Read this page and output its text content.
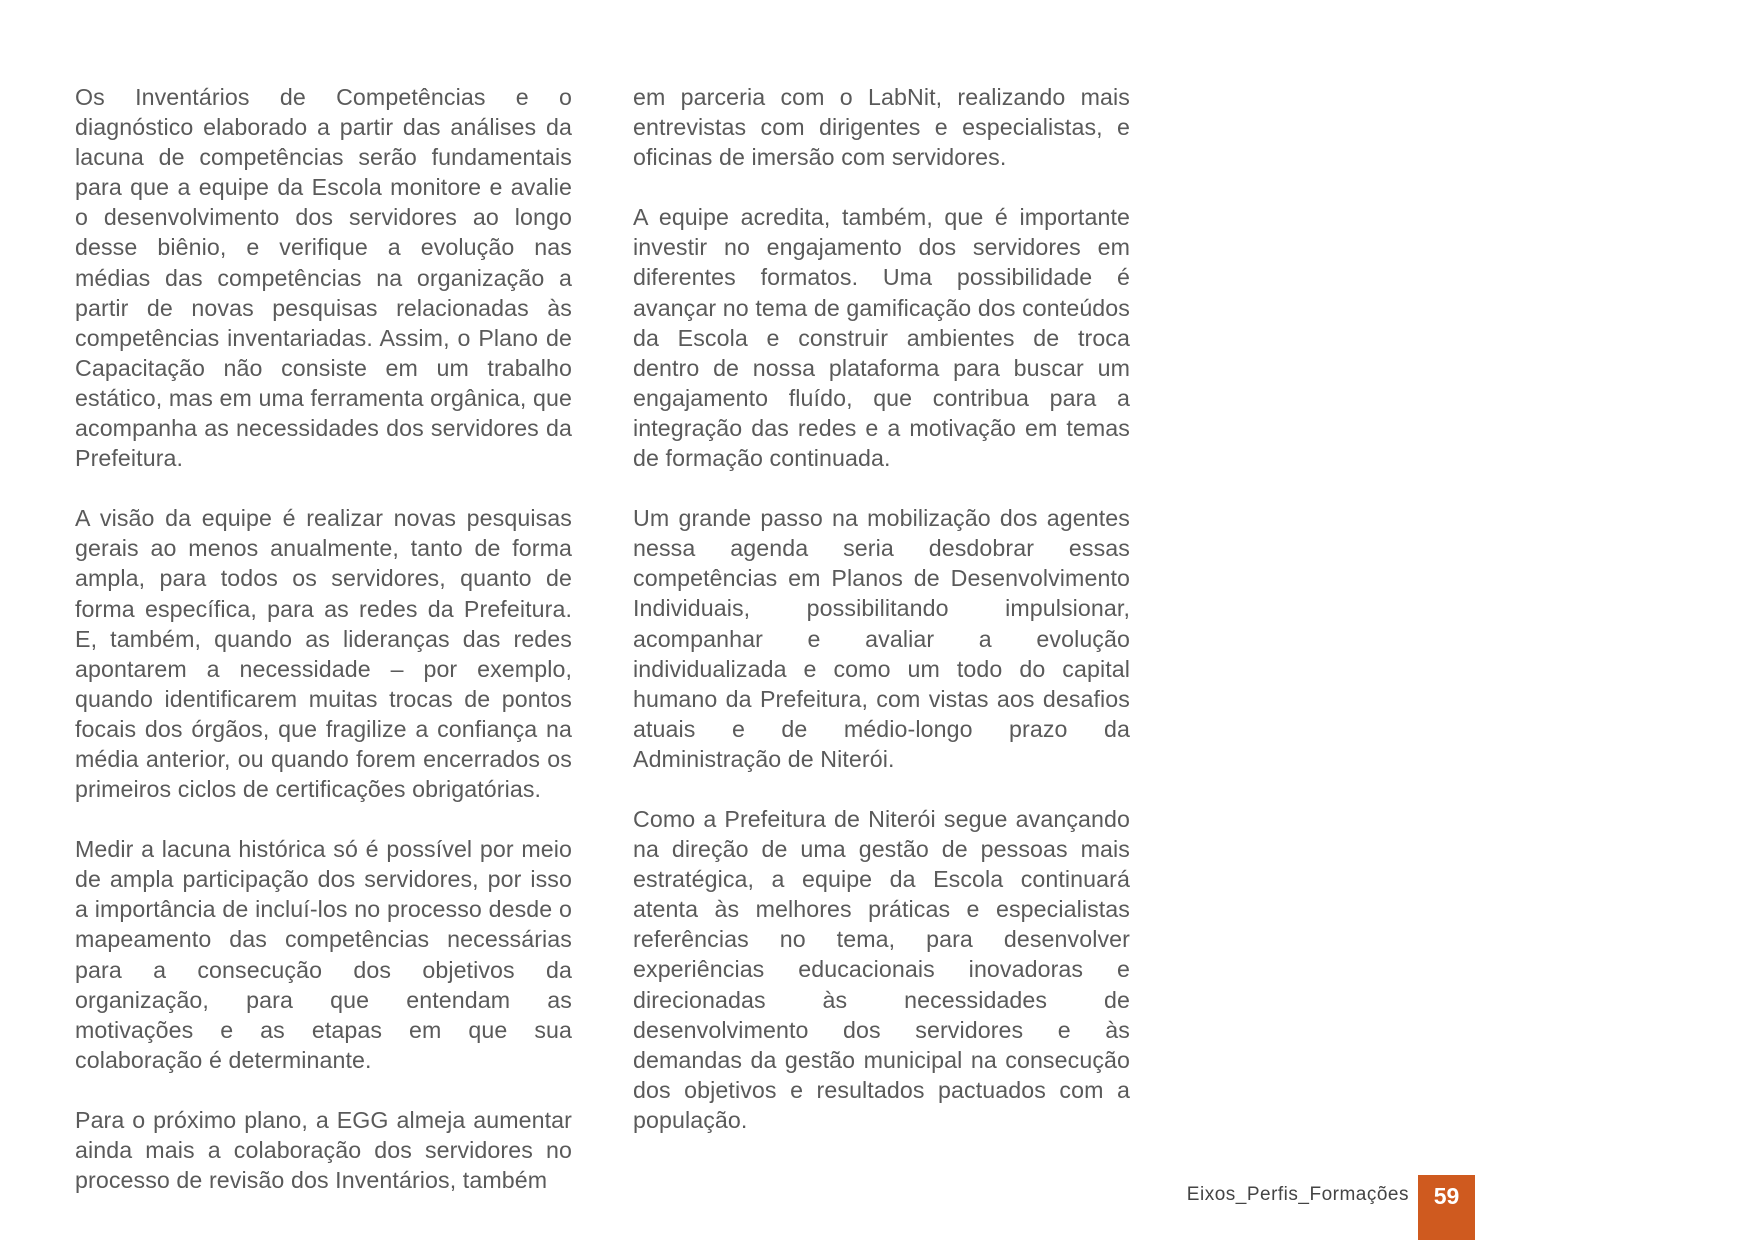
Os Inventários de Competências e o diagnóstico elaborado a partir das análises da lacuna de competências serão fundamentais para que a equipe da Escola monitore e avalie o desenvolvimento dos servidores ao longo desse biênio, e verifique a evolução nas médias das competências na organização a partir de novas pesquisas relacionadas às competências inventariadas. Assim, o Plano de Capacitação não consiste em um trabalho estático, mas em uma ferramenta orgânica, que acompanha as necessidades dos servidores da Prefeitura.

A visão da equipe é realizar novas pesquisas gerais ao menos anualmente, tanto de forma ampla, para todos os servidores, quanto de forma específica, para as redes da Prefeitura. E, também, quando as lideranças das redes apontarem a necessidade – por exemplo, quando identificarem muitas trocas de pontos focais dos órgãos, que fragilize a confiança na média anterior, ou quando forem encerrados os primeiros ciclos de certificações obrigatórias.

Medir a lacuna histórica só é possível por meio de ampla participação dos servidores, por isso a importância de incluí-los no processo desde o mapeamento das competências necessárias para a consecução dos objetivos da organização, para que entendam as motivações e as etapas em que sua colaboração é determinante.

Para o próximo plano, a EGG almeja aumentar ainda mais a colaboração dos servidores no processo de revisão dos Inventários, também

em parceria com o LabNit, realizando mais entrevistas com dirigentes e especialistas, e oficinas de imersão com servidores.

A equipe acredita, também, que é importante investir no engajamento dos servidores em diferentes formatos. Uma possibilidade é avançar no tema de gamificação dos conteúdos da Escola e construir ambientes de troca dentro de nossa plataforma para buscar um engajamento fluído, que contribua para a integração das redes e a motivação em temas de formação continuada.

Um grande passo na mobilização dos agentes nessa agenda seria desdobrar essas competências em Planos de Desenvolvimento Individuais, possibilitando impulsionar, acompanhar e avaliar a evolução individualizada e como um todo do capital humano da Prefeitura, com vistas aos desafios atuais e de médio-longo prazo da Administração de Niterói.

Como a Prefeitura de Niterói segue avançando na direção de uma gestão de pessoas mais estratégica, a equipe da Escola continuará atenta às melhores práticas e especialistas referências no tema, para desenvolver experiências educacionais inovadoras e direcionadas às necessidades de desenvolvimento dos servidores e às demandas da gestão municipal na consecução dos objetivos e resultados pactuados com a população.

Eixos_Perfis_Formações	59
